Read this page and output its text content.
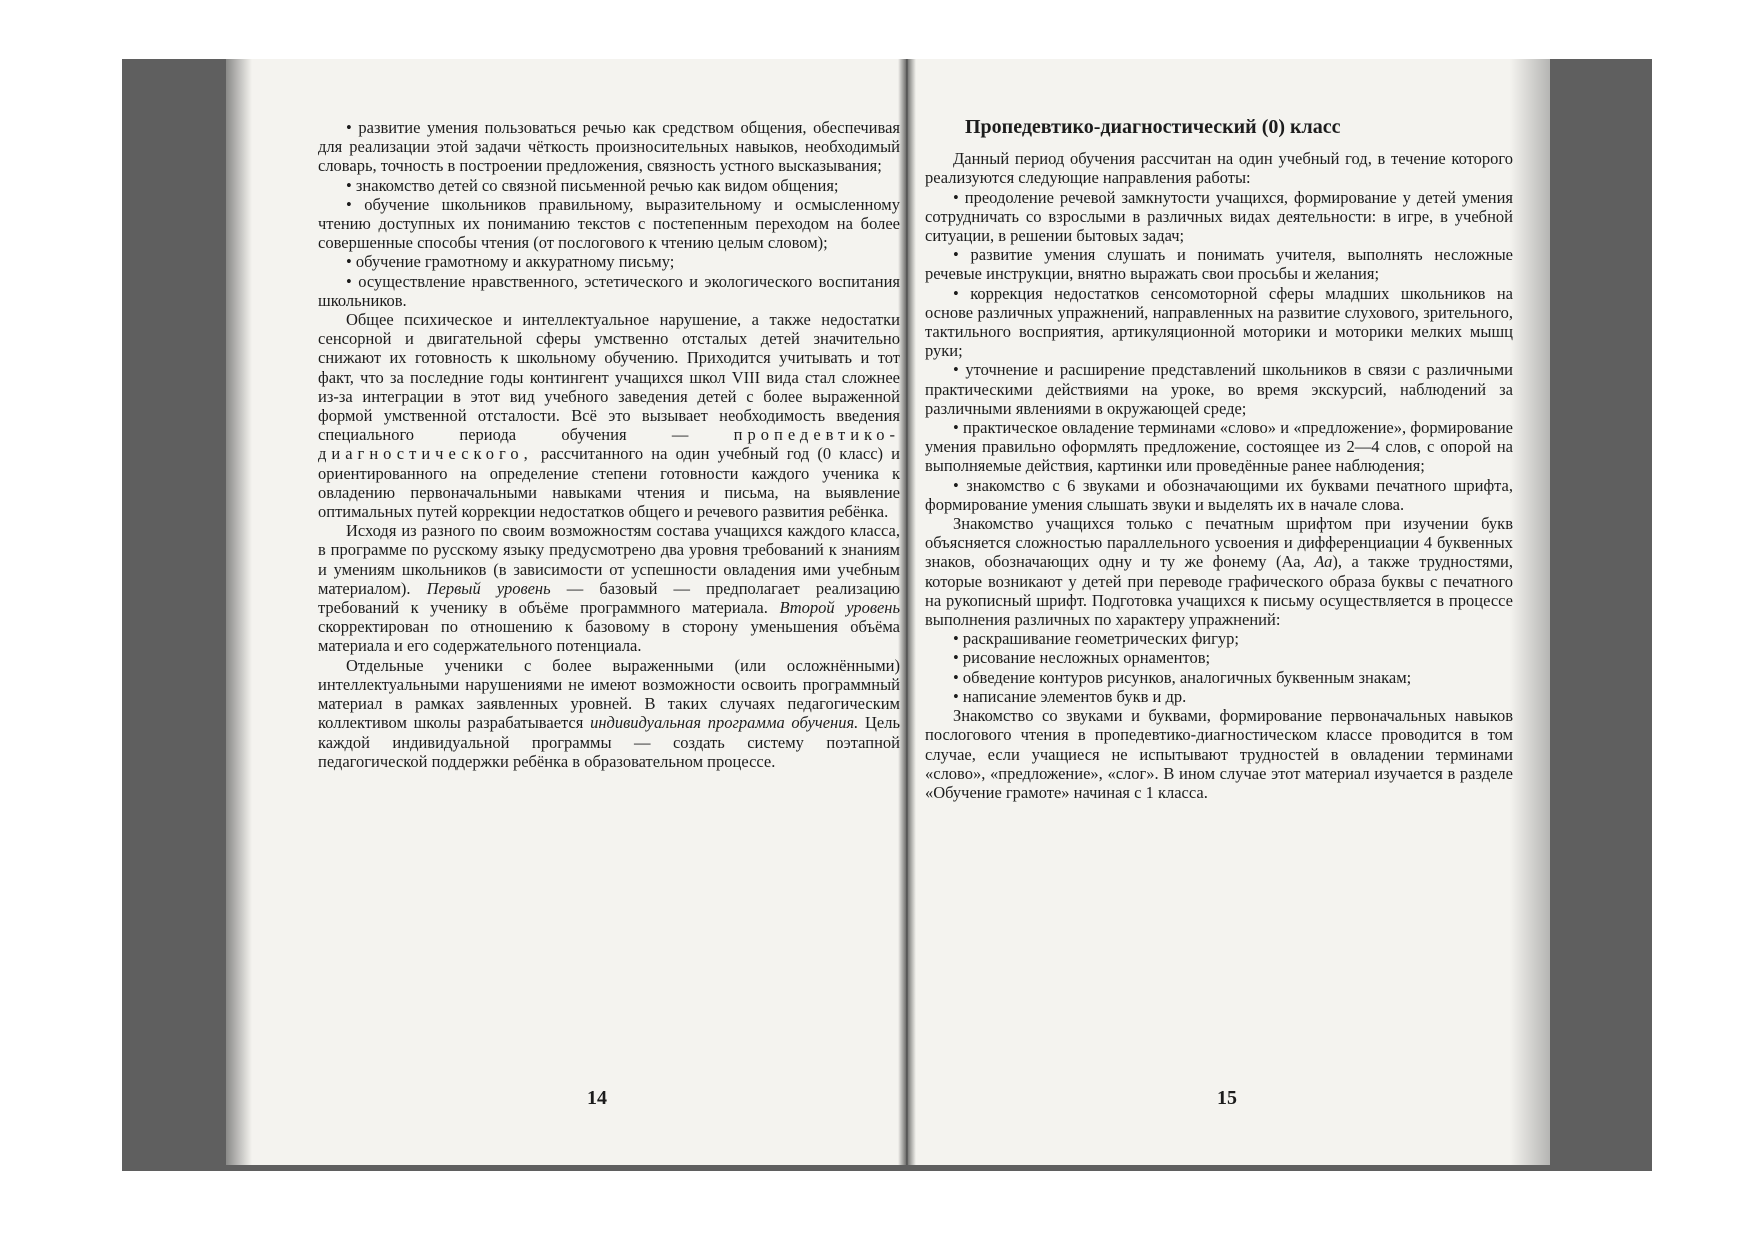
• развитие умения пользоваться речью как средством общения, обеспечивая для реализации этой задачи чёткость произносительных навыков, необходимый словарь, точность в построении предложения, связность устного высказывания;

• знакомство детей со связной письменной речью как видом общения;

• обучение школьников правильному, выразительному и осмысленному чтению доступных их пониманию текстов с постепенным переходом на более совершенные способы чтения (от послогового к чтению целым словом);

• обучение грамотному и аккуратному письму;

• осуществление нравственного, эстетического и экологического воспитания школьников.

Общее психическое и интеллектуальное нарушение, а также недостатки сенсорной и двигательной сферы умственно отсталых детей значительно снижают их готовность к школьному обучению. Приходится учитывать и тот факт, что за последние годы контингент учащихся школ VIII вида стал сложнее из-за интеграции в этот вид учебного заведения детей с более выраженной формой умственной отсталости. Всё это вызывает необходимость введения специального периода обучения —	пропедевтико-диагностического, рассчитанного на один учебный год (0 класс) и ориентированного на определение степени готовности каждого ученика к овладению первоначальными навыками чтения и письма, на выявление оптимальных путей коррекции недостатков общего и речевого развития ребёнка.

Исходя из разного по своим возможностям состава учащихся каждого класса, в программе по русскому языку предусмотрено два уровня требований к знаниям и умениям школьников (в зависимости от успешности овладения ими учебным материалом). Первый уровень — базовый — предполагает реализацию требований к ученику в объёме программного материала. Второй уровень скорректирован по отношению к базовому в сторону уменьшения объёма материала и его содержательного потенциала.

Отдельные ученики с более выраженными (или осложнёнными) интеллектуальными нарушениями не имеют возможности освоить программный материал в рамках заявленных уровней. В таких случаях педагогическим коллективом школы разрабатывается индивидуальная программа обучения. Цель каждой индивидуальной программы — создать систему поэтапной педагогической поддержки ребёнка в образовательном процессе.

14
Пропедевтико-диагностический (0) класс

Данный период обучения рассчитан на один учебный год, в течение которого реализуются следующие направления работы:

• преодоление речевой замкнутости учащихся, формирование у детей умения сотрудничать со взрослыми в различных видах деятельности: в игре, в учебной ситуации, в решении бытовых задач;

• развитие умения слушать и понимать учителя, выполнять несложные речевые инструкции, внятно выражать свои просьбы и желания;

• коррекция недостатков сенсомоторной сферы младших школьников на основе различных упражнений, направленных на развитие слухового, зрительного, тактильного восприятия, артикуляционной моторики и моторики мелких мышц руки;

• уточнение и расширение представлений школьников в связи с различными практическими действиями на уроке, во время экскурсий, наблюдений за различными явлениями в окружающей среде;

• практическое овладение терминами «слово» и «предложение», формирование умения правильно оформлять предложение, состоящее из 2—4 слов, с опорой на выполняемые действия, картинки или проведённые ранее наблюдения;

• знакомство с 6 звуками и обозначающими их буквами печатного шрифта, формирование умения слышать звуки и выделять их в начале слова.

Знакомство учащихся только с печатным шрифтом при изучении букв объясняется сложностью параллельного усвоения и дифференциации 4 буквенных знаков, обозначающих одну и ту же фонему (Аа, Аа), а также трудностями, которые возникают у детей при переводе графического образа буквы с печатного на рукописный шрифт. Подготовка учащихся к письму осуществляется в процессе выполнения различных по характеру упражнений:

• раскрашивание геометрических фигур;

• рисование несложных орнаментов;

• обведение контуров рисунков, аналогичных буквенным знакам;

• написание элементов букв и др.

Знакомство со звуками и буквами, формирование первоначальных навыков послогового чтения в пропедевтико-диагностическом классе проводится в том случае, если учащиеся не испытывают трудностей в овладении терминами «слово», «предложение», «слог». В ином случае этот материал изучается в разделе «Обучение грамоте» начиная с 1 класса.

15
